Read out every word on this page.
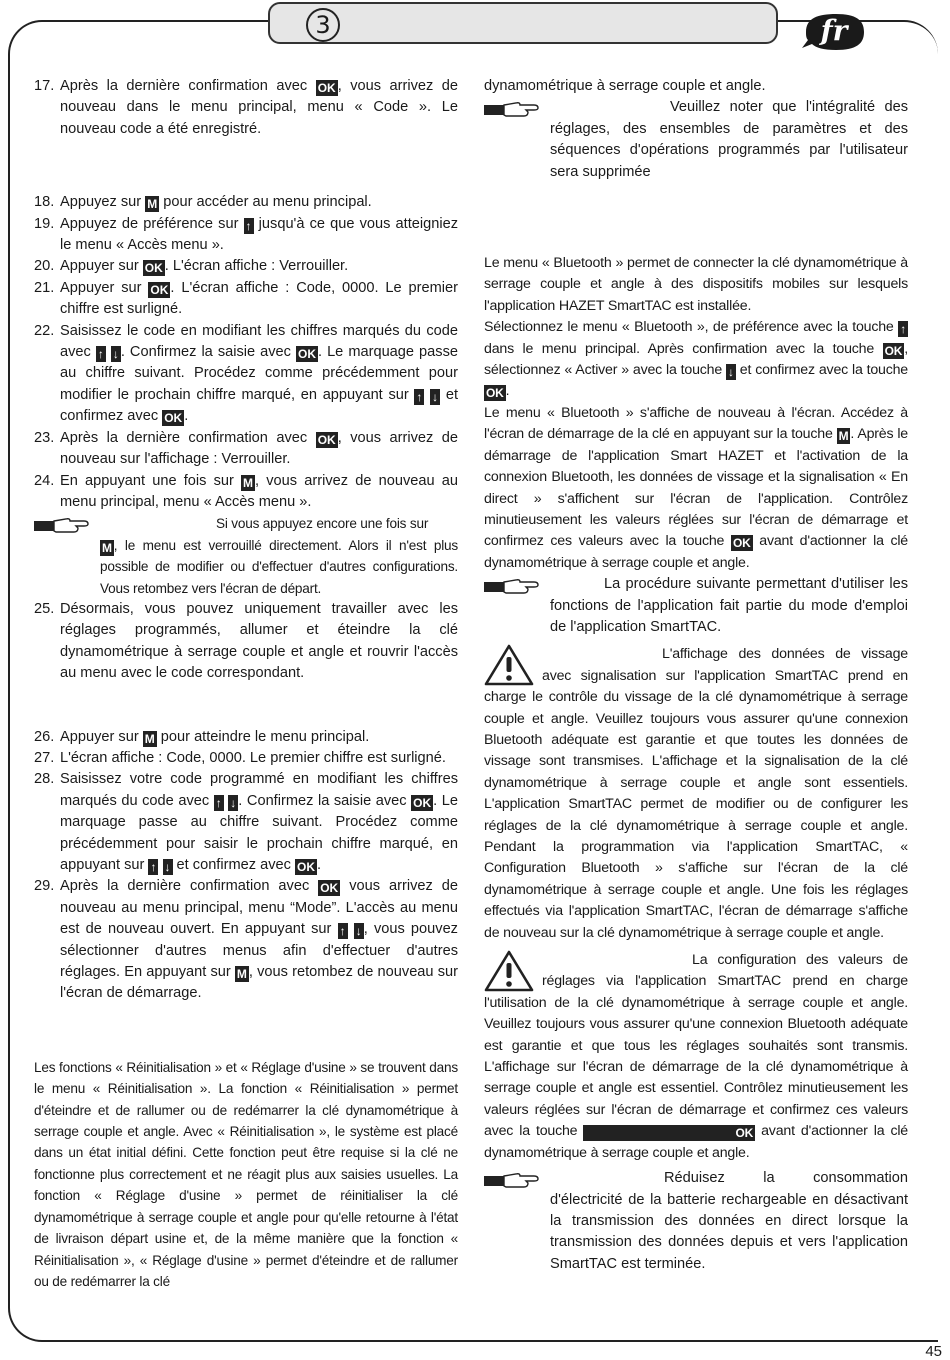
3	fr
45
17. Après la dernière confirmation avec OK , vous arrivez de nouveau dans le menu principal, menu « Code ». Le nouveau code a été enregistré.
18. Appuyez sur M pour accéder au menu principal.
19. Appuyez de préférence sur ↑ jusqu'à ce que vous atteigniez le menu « Accès menu ».
20. Appuyer sur OK . L'écran affiche : Verrouiller.
21. Appuyer sur OK . L'écran affiche : Code, 0000. Le premier chiffre est surligné.
22. Saisissez le code en modifiant les chiffres marqués du code avec ↑ ↓ . Confirmez la saisie avec OK . Le marquage passe au chiffre suivant. Procédez comme précédemment pour modifier le prochain chiffre marqué, en appuyant sur ↑ ↓ et confirmez avec OK .
23. Après la dernière confirmation avec OK , vous arrivez de nouveau sur l'affichage : Verrouiller.
24. En appuyant une fois sur M , vous arrivez de nouveau au menu principal, menu « Accès menu ».
Si vous appuyez encore une fois sur
M , le menu est verrouillé directement. Alors il n'est plus possible de modifier ou d'effectuer d'autres configurations. Vous retombez vers l'écran de départ.
25. Désormais, vous pouvez uniquement travailler avec les réglages programmés, allumer et éteindre la clé dynamométrique à serrage couple et angle et rouvrir l'accès au menu avec le code correspondant.
26. Appuyer sur M pour atteindre le menu principal.
27. L'écran affiche : Code, 0000. Le premier chiffre est surligné.
28. Saisissez votre code programmé en modifiant les chiffres marqués du code avec ↑ ↓ . Confirmez la saisie avec OK . Le marquage passe au chiffre suivant. Procédez comme précédemment pour saisir le prochain chiffre marqué, en appuyant sur ↑ ↓ et confirmez avec OK .
29. Après la dernière confirmation avec OK vous arrivez de nouveau au menu principal, menu “Mode”. L'accès au menu est de nouveau ouvert. En appuyant sur ↑ ↓ , vous pouvez sélectionner d'autres menus afin d'effectuer d'autres réglages. En appuyant sur M , vous retombez de nouveau sur l'écran de démarrage.
Les fonctions « Réinitialisation » et « Réglage d'usine » se trouvent dans le menu « Réinitialisation ». La fonction « Réinitialisation » permet d'éteindre et de rallumer ou de redémarrer la clé dynamométrique à serrage couple et angle. Avec « Réinitialisation », le système est placé dans un état initial défini. Cette fonction peut être requise si la clé ne fonctionne plus correctement et ne réagit plus aux saisies usuelles. La fonction « Réglage d'usine » permet de réinitialiser la clé dynamométrique à serrage couple et angle pour qu'elle retourne à l'état de livraison départ usine et, de la même manière que la fonction « Réinitialisation », « Réglage d'usine » permet d'éteindre et de rallumer ou de redémarrer la clé
dynamométrique à serrage couple et angle.
Veuillez noter que l'intégralité des réglages, des ensembles de paramètres et des séquences d'opérations programmés par l'utilisateur sera supprimée
Le menu « Bluetooth » permet de connecter la clé dynamométrique à serrage couple et angle à des dispositifs mobiles sur lesquels l'application HAZET SmartTAC est installée.
Sélectionnez le menu « Bluetooth », de préférence avec la touche ↑ dans le menu principal. Après confirmation avec la touche OK , sélectionnez « Activer » avec la touche ↓ et confirmez avec la touche OK .
Le menu « Bluetooth » s'affiche de nouveau à l'écran. Accédez à l'écran de démarrage de la clé en appuyant sur la touche M . Après le démarrage de l'application Smart HAZET et l'activation de la connexion Bluetooth, les données de vissage et la signalisation « En direct » s'affichent sur l'écran de l'application. Contrôlez minutieusement les valeurs réglées sur l'écran de démarrage et confirmez ces valeurs avec la touche OK avant d'actionner la clé dynamométrique à serrage couple et angle.
La procédure suivante permettant d'utiliser les fonctions de l'application fait partie du mode d'emploi de l'application SmartTAC.
L'affichage des données de vissage avec signalisation sur l'application SmartTAC prend en charge le contrôle du vissage de la clé dynamométrique à serrage couple et angle. Veuillez toujours vous assurer qu'une connexion Bluetooth adéquate est garantie et que toutes les données de vissage sont transmises. L'affichage et la signalisation de la clé dynamométrique à serrage couple et angle sont essentiels. L'application SmartTAC permet de modifier ou de configurer les réglages de la clé dynamométrique à serrage couple et angle. Pendant la programmation via l'application SmartTAC, « Configuration Bluetooth » s'affiche sur l'écran de la clé dynamométrique à serrage couple et angle. Une fois les réglages effectués via l'application SmartTAC, l'écran de démarrage s'affiche de nouveau sur la clé dynamométrique à serrage couple et angle.
La configuration des valeurs de réglages via l'application SmartTAC prend en charge l'utilisation de la clé dynamométrique à serrage couple et angle. Veuillez toujours vous assurer qu'une connexion Bluetooth adéquate est garantie et que tous les réglages souhaités sont transmis. L'affichage sur l'écran de démarrage de la clé dynamométrique à serrage couple et angle est essentiel. Contrôlez minutieusement les valeurs réglées sur l'écran de démarrage et confirmez ces valeurs avec la touche	OK avant d'actionner la clé dynamométrique à serrage couple et angle.
Réduisez la consommation d'électricité de la batterie rechargeable en désactivant la transmission des données en direct lorsque la transmission des données depuis et vers l'application SmartTAC est terminée.
